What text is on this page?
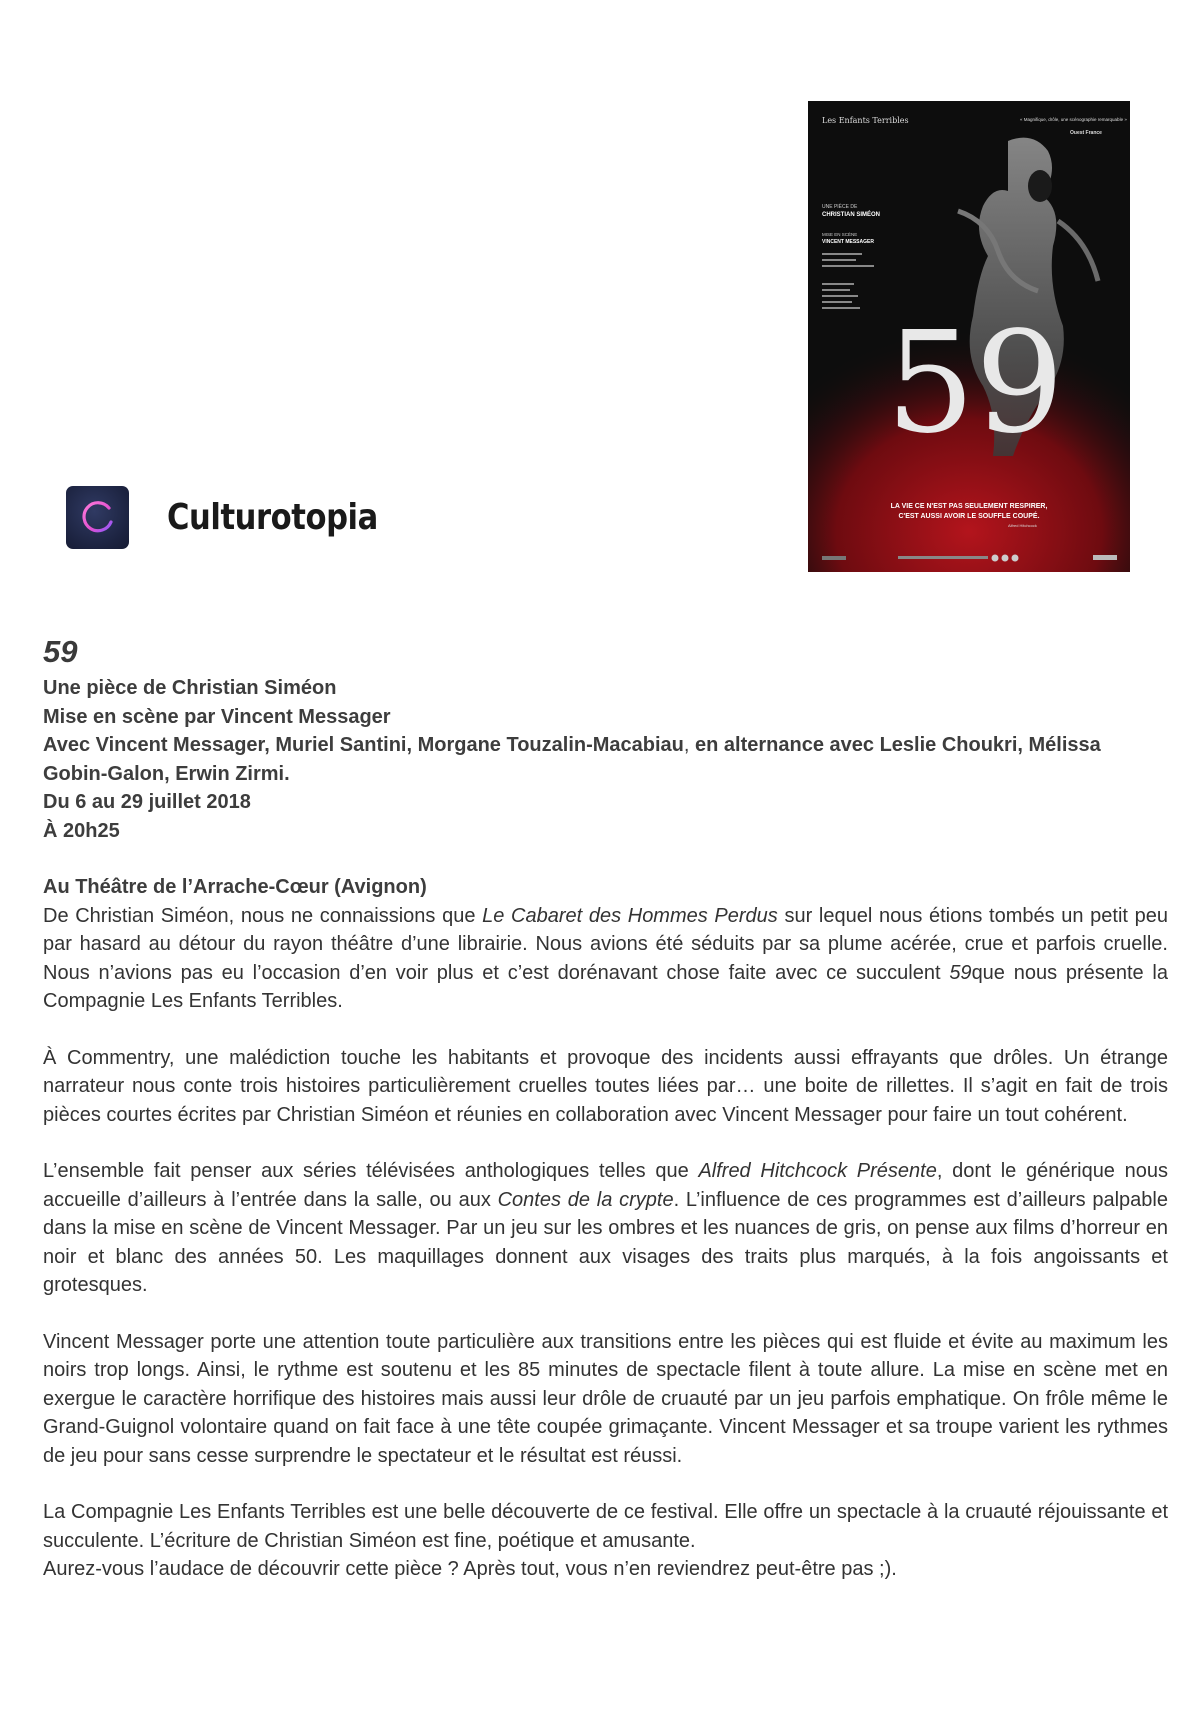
Culturotopia
Les Enfants Terribles	« Magnifique, drôle, une scénographie remarquable »
Ouest France
UNE PIÈCE DE
CHRISTIAN SIMÉON
MISE EN SCÈNE
VINCENT MESSAGER
59
LA VIE CE N'EST PAS SEULEMENT RESPIRER,
C'EST AUSSI AVOIR LE SOUFFLE COUPÉ.
Alfred Hitchcock
59

Une pièce de Christian Siméon

Mise en scène par Vincent Messager

Avec Vincent Messager, Muriel Santini, Morgane Touzalin-Macabiau, en alternance avec Leslie Choukri, Mélissa Gobin-Galon, Erwin Zirmi.

Du 6 au 29 juillet 2018

À 20h25

Au Théâtre de l’Arrache-Cœur (Avignon)

De Christian Siméon, nous ne connaissions que Le Cabaret des Hommes Perdus sur lequel nous étions tombés un petit peu par hasard au détour du rayon théâtre d’une librairie. Nous avions été séduits par sa plume acérée, crue et parfois cruelle. Nous n’avions pas eu l’occasion d’en voir plus et c’est dorénavant chose faite avec ce succulent 59que nous présente la Compagnie Les Enfants Terribles.

À Commentry, une malédiction touche les habitants et provoque des incidents aussi effrayants que drôles. Un étrange narrateur nous conte trois histoires particulièrement cruelles toutes liées par… une boite de rillettes. Il s’agit en fait de trois pièces courtes écrites par Christian Siméon et réunies en collaboration avec Vincent Messager pour faire un tout cohérent.

L’ensemble fait penser aux séries télévisées anthologiques telles que Alfred Hitchcock Présente, dont le générique nous accueille d’ailleurs à l’entrée dans la salle, ou aux Contes de la crypte. L’influence de ces programmes est d’ailleurs palpable dans la mise en scène de Vincent Messager. Par un jeu sur les ombres et les nuances de gris, on pense aux films d’horreur en noir et blanc des années 50. Les maquillages donnent aux visages des traits plus marqués, à la fois angoissants et grotesques.

Vincent Messager porte une attention toute particulière aux transitions entre les pièces qui est fluide et évite au maximum les noirs trop longs. Ainsi, le rythme est soutenu et les 85 minutes de spectacle filent à toute allure. La mise en scène met en exergue le caractère horrifique des histoires mais aussi leur drôle de cruauté par un jeu parfois emphatique. On frôle même le Grand-Guignol volontaire quand on fait face à une tête coupée grimaçante. Vincent Messager et sa troupe varient les rythmes de jeu pour sans cesse surprendre le spectateur et le résultat est réussi.

La Compagnie Les Enfants Terribles est une belle découverte de ce festival. Elle offre un spectacle à la cruauté réjouissante et succulente. L’écriture de Christian Siméon est fine, poétique et amusante.

Aurez-vous l’audace de découvrir cette pièce ? Après tout, vous n’en reviendrez peut-être pas ;).
